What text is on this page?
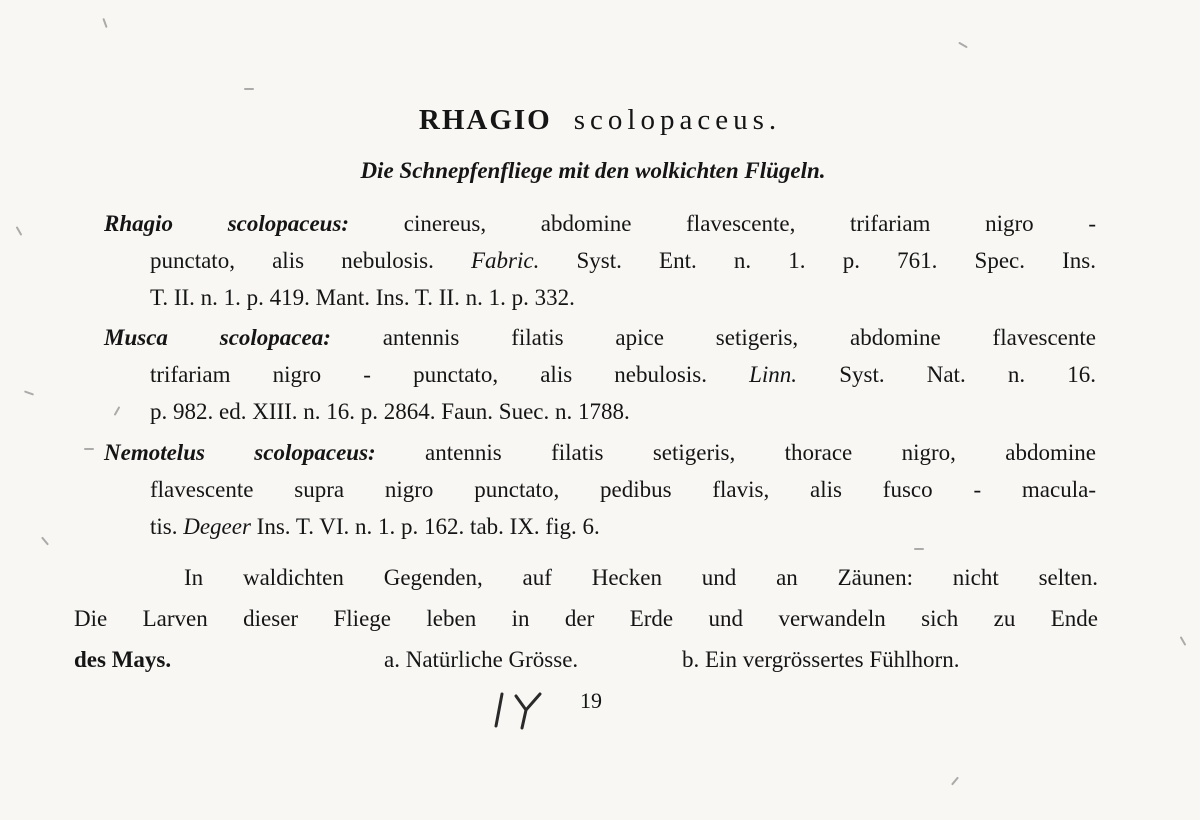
RHAGIO scolopaceus.
Die Schnepfenfliege mit den wolkichten Flügeln.
Rhagio scolopaceus: cinereus, abdomine flavescente, trifariam nigro -
punctato, alis nebulosis. Fabric. Syst. Ent. n. 1. p. 761. Spec. Ins.
T. II. n. 1. p. 419. Mant. Ins. T. II. n. 1. p. 332.
Musca scolopacea: antennis filatis apice setigeris, abdomine flavescente
trifariam nigro - punctato, alis nebulosis. Linn. Syst. Nat. n. 16.
p. 982. ed. XIII. n. 16. p. 2864. Faun. Suec. n. 1788.
Nemotelus scolopaceus: antennis filatis setigeris, thorace nigro, abdomine
flavescente supra nigro punctato, pedibus flavis, alis fusco - macula-
tis. Degeer Ins. T. VI. n. 1. p. 162. tab. IX. fig. 6.
In waldichten Gegenden, auf Hecken und an Zäunen: nicht selten.
Die Larven dieser Fliege leben in der Erde und verwandeln sich zu Ende
des Mays.	a. Natürliche Grösse.	b. Ein vergrössertes Fühlhorn.
19
